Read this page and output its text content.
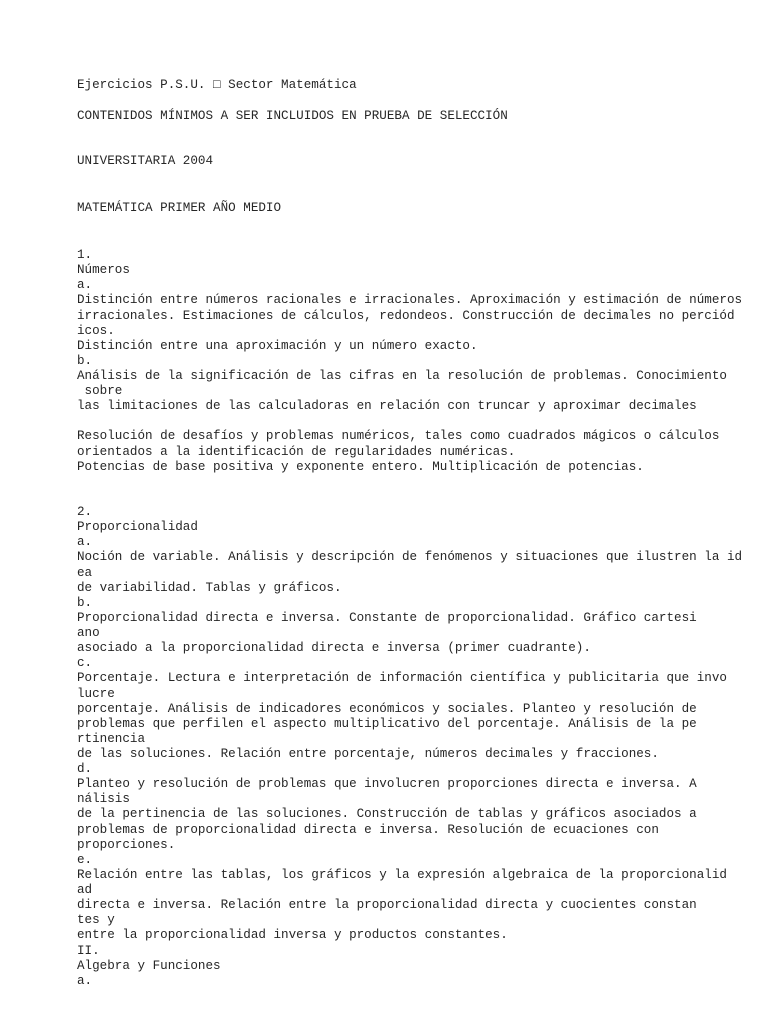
Ejercicios P.S.U. □ Sector Matemática

CONTENIDOS MÍNIMOS A SER INCLUIDOS EN PRUEBA DE SELECCIÓN

UNIVERSITARIA 2004

MATEMÁTICA PRIMER AÑO MEDIO

1.

Números

a.

Distinción entre números racionales e irracionales. Aproximación y estimación de números

irracionales. Estimaciones de cálculos, redondeos. Construcción de decimales no perciód

icos.

Distinción entre una aproximación y un número exacto.

b.

Análisis de la significación de las cifras en la resolución de problemas. Conocimiento

sobre

las limitaciones de las calculadoras en relación con truncar y aproximar decimales

Resolución de desafíos y problemas numéricos, tales como cuadrados mágicos o cálculos

orientados a la identificación de regularidades numéricas.

Potencias de base positiva y exponente entero. Multiplicación de potencias.

2.

Proporcionalidad

a.

Noción de variable. Análisis y descripción de fenómenos y situaciones que ilustren la id

ea

de variabilidad. Tablas y gráficos.

b.

Proporcionalidad directa e inversa. Constante de proporcionalidad. Gráfico cartesi

ano

asociado a la proporcionalidad directa e inversa (primer cuadrante).

c.

Porcentaje. Lectura e interpretación de información científica y publicitaria que invo

lucre

porcentaje. Análisis de indicadores económicos y sociales. Planteo y resolución de

problemas que perfilen el aspecto multiplicativo del porcentaje. Análisis de la pe

rtinencia

de las soluciones. Relación entre porcentaje, números decimales y fracciones.

d.

Planteo y resolución de problemas que involucren proporciones directa e inversa. A

nálisis

de la pertinencia de las soluciones. Construcción de tablas y gráficos asociados a

problemas de proporcionalidad directa e inversa. Resolución de ecuaciones con

proporciones.

e.

Relación entre las tablas, los gráficos y la expresión algebraica de la proporcionalid

ad

directa e inversa. Relación entre la proporcionalidad directa y cuocientes constan

tes y

entre la proporcionalidad inversa y productos constantes.

II.

Algebra y Funciones

a.
